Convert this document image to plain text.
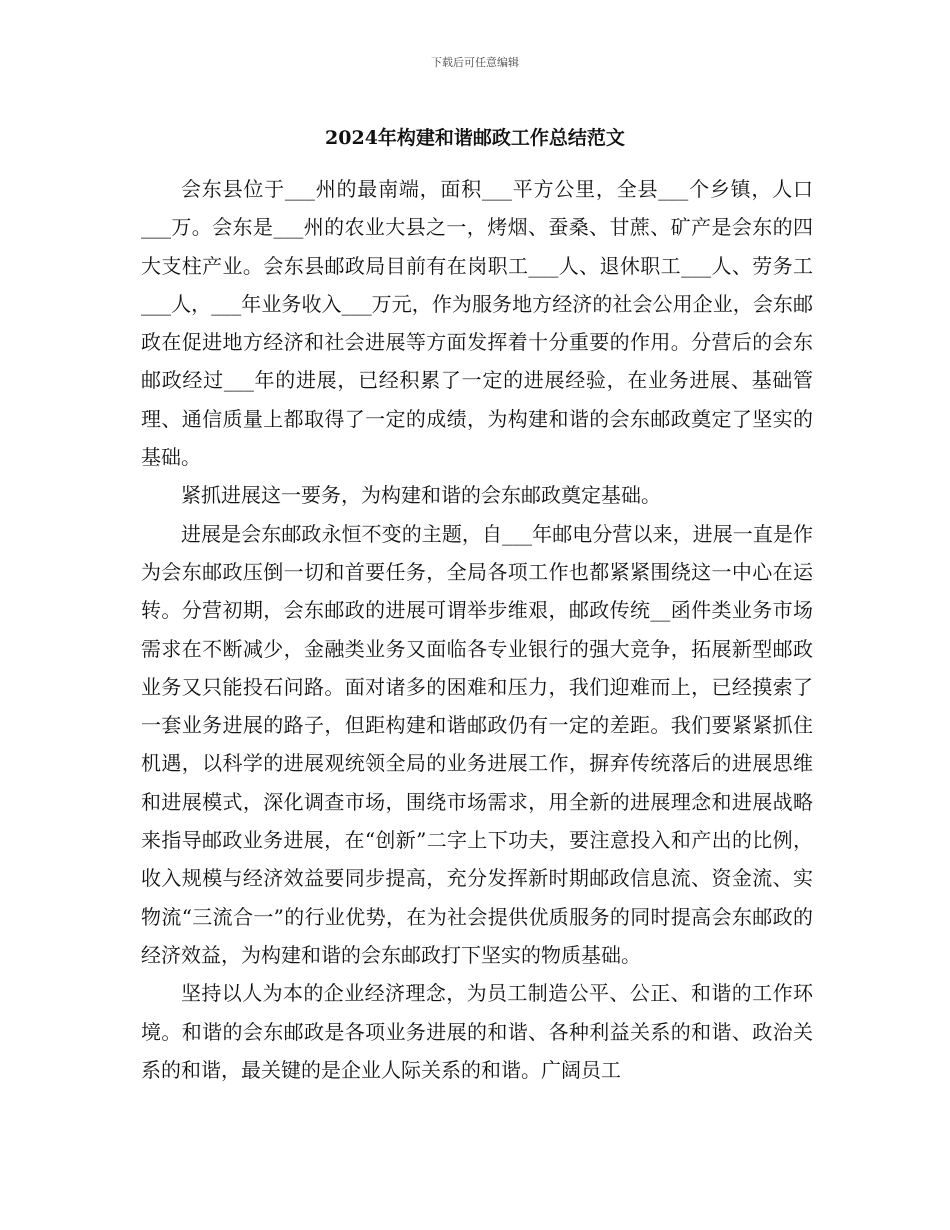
下载后可任意编辑
2024年构建和谐邮政工作总结范文

会东县位于___州的最南端，面积___平方公里，全县___个乡镇，人口___万。会东是___州的农业大县之一，烤烟、蚕桑、甘蔗、矿产是会东的四大支柱产业。会东县邮政局目前有在岗职工___人、退休职工___人、劳务工___人，___年业务收入___万元，作为服务地方经济的社会公用企业，会东邮政在促进地方经济和社会进展等方面发挥着十分重要的作用。分营后的会东邮政经过___年的进展，已经积累了一定的进展经验，在业务进展、基础管理、通信质量上都取得了一定的成绩，为构建和谐的会东邮政奠定了坚实的基础。

紧抓进展这一要务，为构建和谐的会东邮政奠定基础。

进展是会东邮政永恒不变的主题，自___年邮电分营以来，进展一直是作为会东邮政压倒一切和首要任务，全局各项工作也都紧紧围绕这一中心在运转。分营初期，会东邮政的进展可谓举步维艰，邮政传统__函件类业务市场需求在不断减少，金融类业务又面临各专业银行的强大竞争，拓展新型邮政业务又只能投石问路。面对诸多的困难和压力，我们迎难而上，已经摸索了一套业务进展的路子，但距构建和谐邮政仍有一定的差距。我们要紧紧抓住机遇，以科学的进展观统领全局的业务进展工作，摒弃传统落后的进展思维和进展模式，深化调查市场，围绕市场需求，用全新的进展理念和进展战略来指导邮政业务进展，在“创新”二字上下功夫，要注意投入和产出的比例，收入规模与经济效益要同步提高，充分发挥新时期邮政信息流、资金流、实物流“三流合一”的行业优势，在为社会提供优质服务的同时提高会东邮政的经济效益，为构建和谐的会东邮政打下坚实的物质基础。

坚持以人为本的企业经济理念，为员工制造公平、公正、和谐的工作环境。和谐的会东邮政是各项业务进展的和谐、各种利益关系的和谐、政治关系的和谐，最关键的是企业人际关系的和谐。广阔员工
